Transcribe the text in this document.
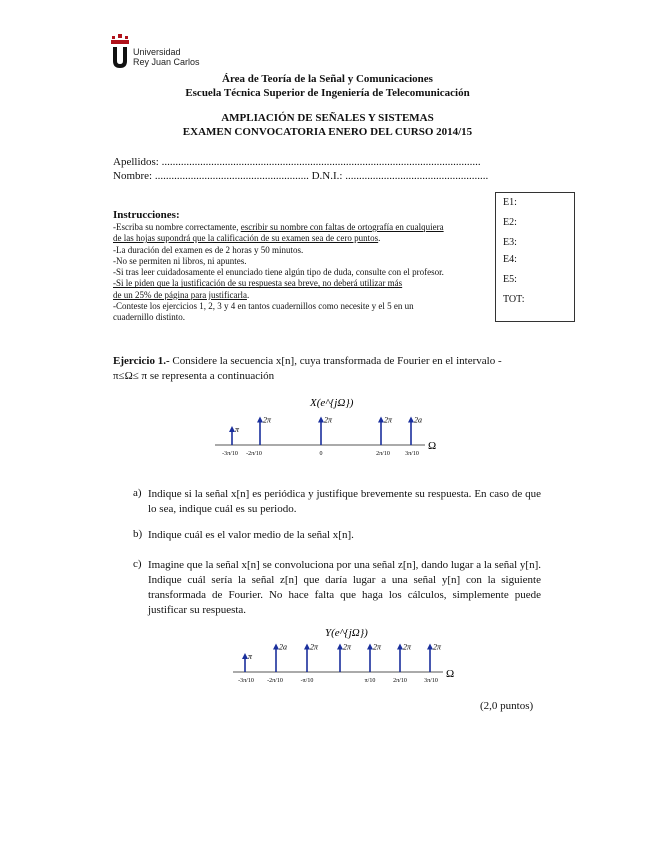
Universidad
Rey Juan Carlos
Área de Teoría de la Señal y Comunicaciones
Escuela Técnica Superior de Ingeniería de Telecomunicación
AMPLIACIÓN DE SEÑALES Y SISTEMAS
EXAMEN CONVOCATORIA ENERO DEL CURSO 2014/15
Apellidos: ....................................................................................................................
Nombre: ........................................................ D.N.I.: ....................................................
Instrucciones:
-Escriba su nombre correctamente, escribir su nombre con faltas de ortografía en cualquiera
de las hojas supondrá que la calificación de su examen sea de cero puntos.
-La duración del examen es de 2 horas y 50 minutos.
-No se permiten ni libros, ni apuntes.
-Si tras leer cuidadosamente el enunciado tiene algún tipo de duda, consulte con el profesor.
-Si le piden que la justificación de su respuesta sea breve, no deberá utilizar más
de un 25% de página para justificarla.
-Conteste los ejercicios 1, 2, 3 y 4 en tantos cuadernillos como necesite y el 5 en un
cuadernillo distinto.
E1:
E2:
E3:
E4:
E5:
TOT:
Ejercicio 1.- Considere la secuencia x[n], cuya transformada de Fourier en el intervalo -
π≤Ω≤ π se representa a continuación
X(e^{jΩ})
Ω
π
2π	2π	2π	2a
-3π/10 -2π/10	0	2π/10	3π/10
a) Indique si la señal x[n] es periódica y justifique brevemente su respuesta. En caso de que lo sea, indique cuál es su periodo.
b) Indique cuál es el valor medio de la señal x[n].
c) Imagine que la señal x[n] se convoluciona por una señal z[n], dando lugar a la señal y[n]. Indique cuál sería la señal z[n] que daría lugar a una señal y[n] con la siguiente transformada de Fourier. No hace falta que haga los cálculos, simplemente puede justificar su respuesta.
Y(e^{jΩ})
Ω
π
2a	2π	2π	2π	2π	2π
-3π/10 -2π/10	-π/10	π/10	2π/10	3π/10
(2,0 puntos)
